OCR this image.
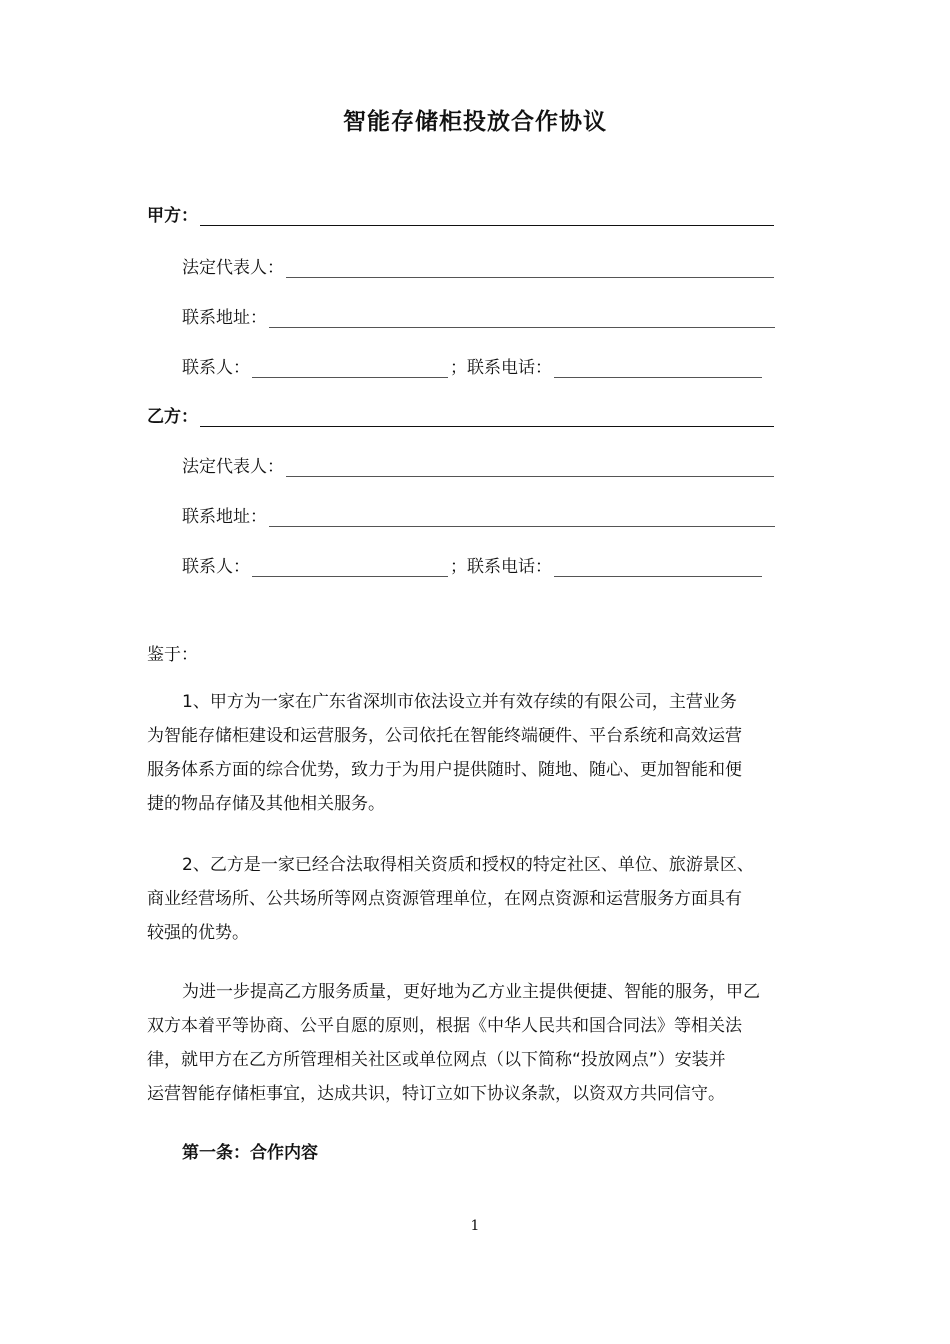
智能存储柜投放合作协议
甲方：
法定代表人：
联系地址：
联系人：	；联系电话：
乙方：
法定代表人：
联系地址：
联系人：	；联系电话：
鉴于：
1、甲方为一家在广东省深圳市依法设立并有效存续的有限公司，主营业务
为智能存储柜建设和运营服务，公司依托在智能终端硬件、平台系统和高效运营
服务体系方面的综合优势，致力于为用户提供随时、随地、随心、更加智能和便
捷的物品存储及其他相关服务。
2、乙方是一家已经合法取得相关资质和授权的特定社区、单位、旅游景区、
商业经营场所、公共场所等网点资源管理单位，在网点资源和运营服务方面具有
较强的优势。
为进一步提高乙方服务质量，更好地为乙方业主提供便捷、智能的服务，甲乙
双方本着平等协商、公平自愿的原则，根据《中华人民共和国合同法》等相关法
律，就甲方在乙方所管理相关社区或单位网点（以下简称“投放网点”）安装并
运营智能存储柜事宜，达成共识，特订立如下协议条款，以资双方共同信守。
第一条：合作内容
1
